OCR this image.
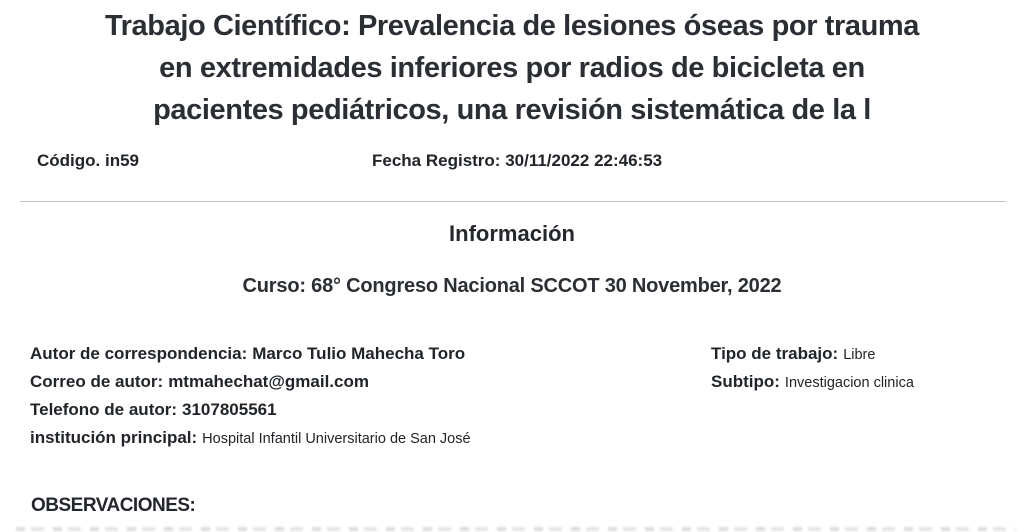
Trabajo Científico: Prevalencia de lesiones óseas por trauma
en extremidades inferiores por radios de bicicleta en
pacientes pediátricos, una revisión sistemática de la l
Código. in59	Fecha Registro: 30/11/2022 22:46:53
Información
Curso: 68° Congreso Nacional SCCOT 30 November, 2022
Autor de correspondencia: Marco Tulio Mahecha Toro
Correo de autor: mtmahechat@gmail.com
Telefono de autor: 3107805561
institución principal: Hospital Infantil Universitario de San José
Tipo de trabajo: Libre
Subtipo: Investigacion clinica
OBSERVACIONES:
